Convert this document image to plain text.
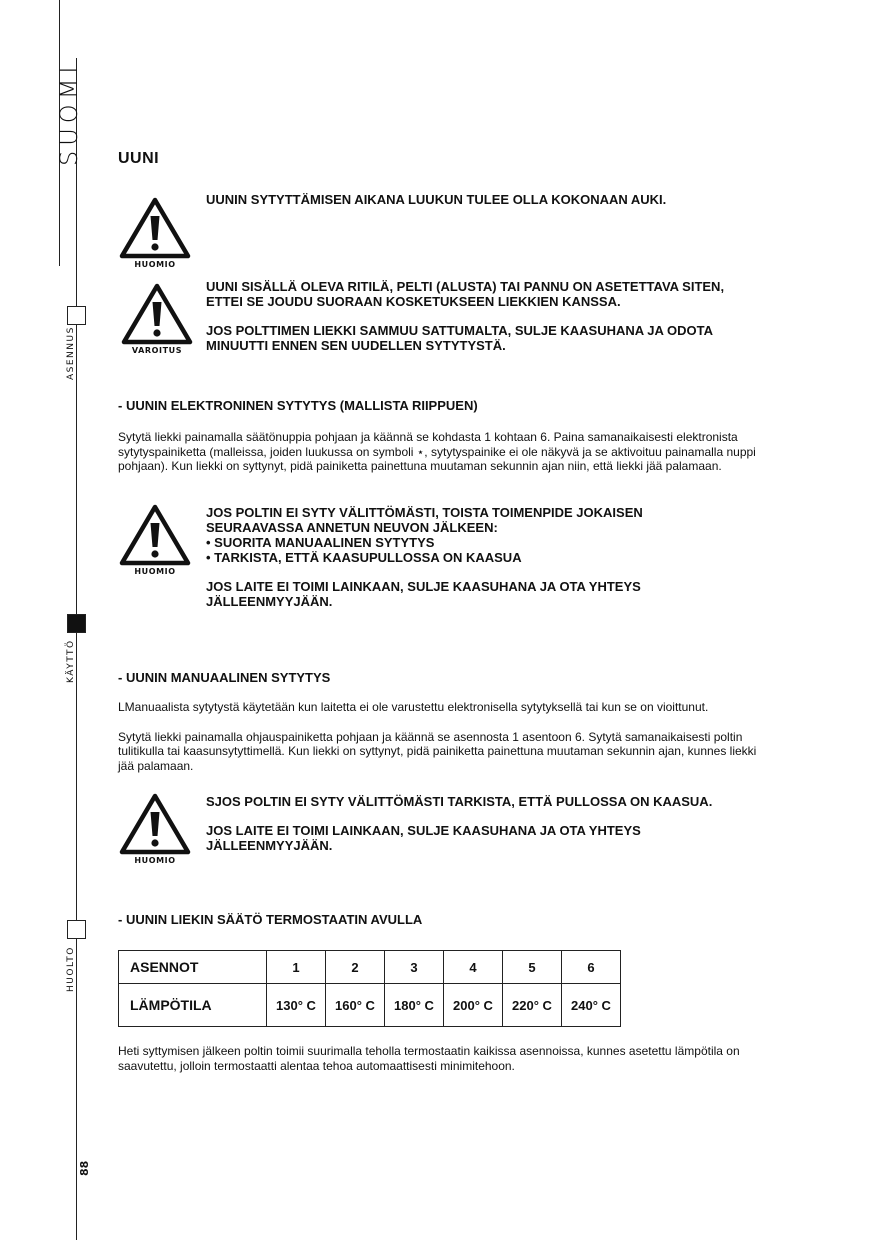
SUOMI
ASENNUS
KÄYTTÖ
HUOLTO
88
UUNI
HUOMIO

UUNIN SYTYTTÄMISEN AIKANA LUUKUN TULEE OLLA KOKONAAN AUKI.

VAROITUS

UUNI SISÄLLÄ OLEVA RITILÄ, PELTI (ALUSTA) TAI PANNU ON ASETETTAVA SITEN,

ETTEI SE JOUDU SUORAAN KOSKETUKSEEN LIEKKIEN KANSSA.

JOS POLTTIMEN LIEKKI SAMMUU SATTUMALTA, SULJE KAASUHANA JA ODOTA

MINUUTTI ENNEN SEN UUDELLEN SYTYTYSTÄ.

- UUNIN ELEKTRONINEN SYTYTYS (MALLISTA RIIPPUEN)

Sytytä liekki painamalla säätönuppia pohjaan ja käännä se kohdasta 1 kohtaan 6. Paina samanaikaisesti elektronista

sytytyspainiketta (malleissa, joiden luukussa on symboli ⋆, sytytyspainike ei ole näkyvä ja se aktivoituu painamalla nuppi

pohjaan). Kun liekki on syttynyt, pidä painiketta painettuna muutaman sekunnin ajan niin, että liekki jää palamaan.

HUOMIO

JOS POLTIN EI SYTY VÄLITTÖMÄSTI, TOISTA TOIMENPIDE JOKAISEN

SEURAAVASSA ANNETUN NEUVON JÄLKEEN:

• SUORITA MANUAALINEN SYTYTYS

• TARKISTA, ETTÄ KAASUPULLOSSA ON KAASUA

JOS LAITE EI TOIMI LAINKAAN, SULJE KAASUHANA JA OTA YHTEYS

JÄLLEENMYYJÄÄN.

- UUNIN MANUAALINEN SYTYTYS

LManuaalista sytytystä käytetään kun laitetta ei ole varustettu elektronisella sytytyksellä tai kun se on vioittunut.

Sytytä liekki painamalla ohjauspainiketta pohjaan ja käännä se asennosta 1 asentoon 6. Sytytä samanaikaisesti poltin

tulitikulla tai kaasunsytyttimellä. Kun liekki on syttynyt, pidä painiketta painettuna muutaman sekunnin ajan, kunnes liekki

jää palamaan.

HUOMIO

SJOS POLTIN EI SYTY VÄLITTÖMÄSTI TARKISTA, ETTÄ PULLOSSA ON KAASUA.

JOS LAITE EI TOIMI LAINKAAN, SULJE KAASUHANA JA OTA YHTEYS

JÄLLEENMYYJÄÄN.

- UUNIN LIEKIN SÄÄTÖ TERMOSTAATIN AVULLA
ASENNOT	1	2	3	4	5	6
LÄMPÖTILA	130° C	160° C	180° C	200° C	220° C	240° C

Heti syttymisen jälkeen poltin toimii suurimalla teholla termostaatin kaikissa asennoissa, kunnes asetettu lämpötila on

saavutettu, jolloin termostaatti alentaa tehoa automaattisesti minimitehoon.
